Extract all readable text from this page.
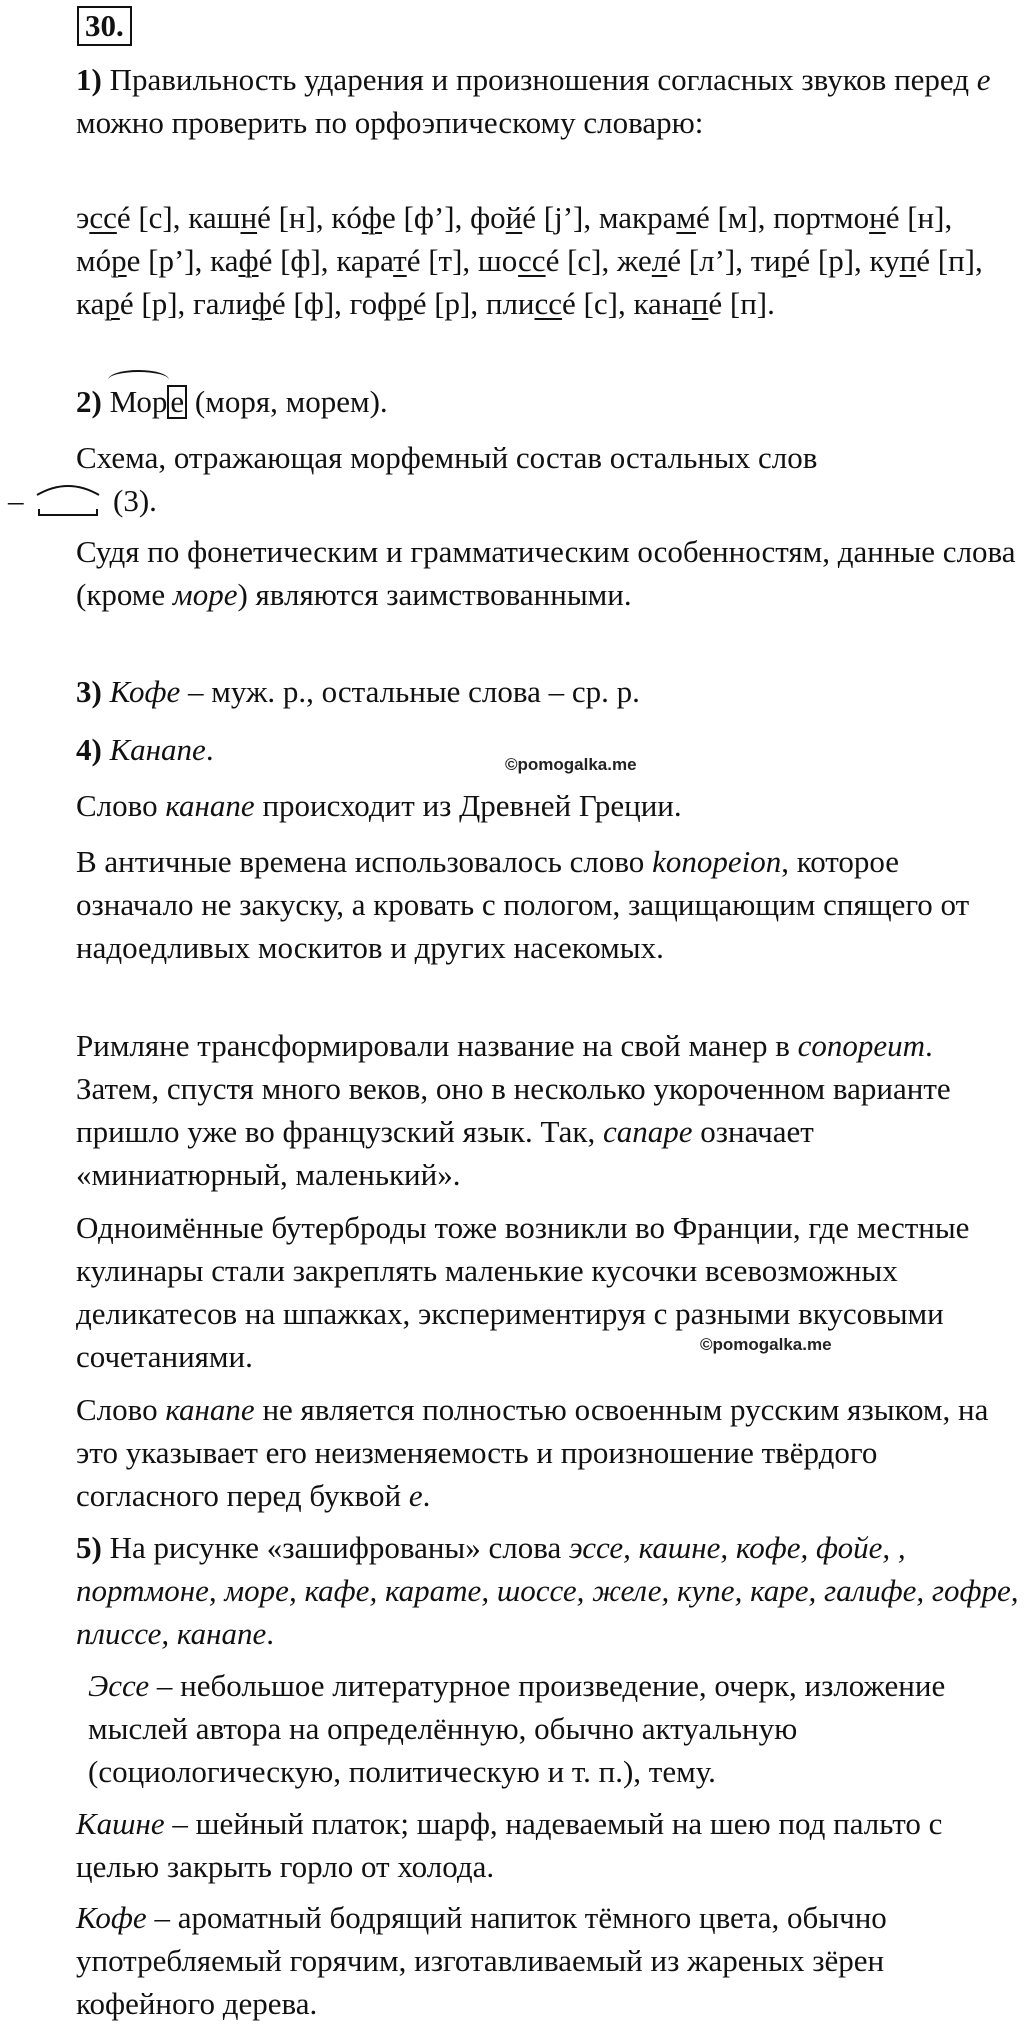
30.

1) Правильность ударения и произношения согласных звуков перед е можно проверить по орфоэпическому словарю:

эссé [с], кашнé [н], кóфе [ф’], фойé [j’], макрамé [м], портмонé [н], мóре [р’], кафé [ф], каратé [т], шоссé [с], желé [л’], тирé [р], купé [п], карé [р], галифé [ф], гофрé [р], плиссé [с], канапé [п].

2) Море (моря, морем).

Схема, отражающая морфемный состав остальных слов
–	(3).

Судя по фонетическим и грамматическим особенностям, данные слова (кроме море) являются заимствованными.

3) Кофе – муж. р., остальные слова – ср. р.

4) Канапе.	©pomogalka.me

Слово канапе происходит из Древней Греции.

В античные времена использовалось слово konopeion, которое означало не закуску, а кровать с пологом, защищающим спящего от надоедливых москитов и других насекомых.

Римляне трансформировали название на свой манер в conopeum. Затем, спустя много веков, оно в несколько укороченном варианте пришло уже во французский язык. Так, canape означает «миниатюрный, маленький».

Одноимённые бутерброды тоже возникли во Франции, где местные кулинары стали закреплять маленькие кусочки всевозможных деликатесов на шпажках, экспериментируя с разными вкусовыми сочетаниями.	©pomogalka.me

Слово канапе не является полностью освоенным русским языком, на это указывает его неизменяемость и произношение твёрдого согласного перед буквой е.

5) На рисунке «зашифрованы» слова эссе, кашне, кофе, фойе, , портмоне, море, кафе, карате, шоссе, желе, купе, каре, галифе, гофре, плиссе, канапе.

Эссе – небольшое литературное произведение, очерк, изложение мыслей автора на определённую, обычно актуальную (социологическую, политическую и т. п.), тему.

Кашне – шейный платок; шарф, надеваемый на шею под пальто с целью закрыть горло от холода.

Кофе – ароматный бодрящий напиток тёмного цвета, обычно употребляемый горячим, изготавливаемый из жареных зёрен кофейного дерева.
